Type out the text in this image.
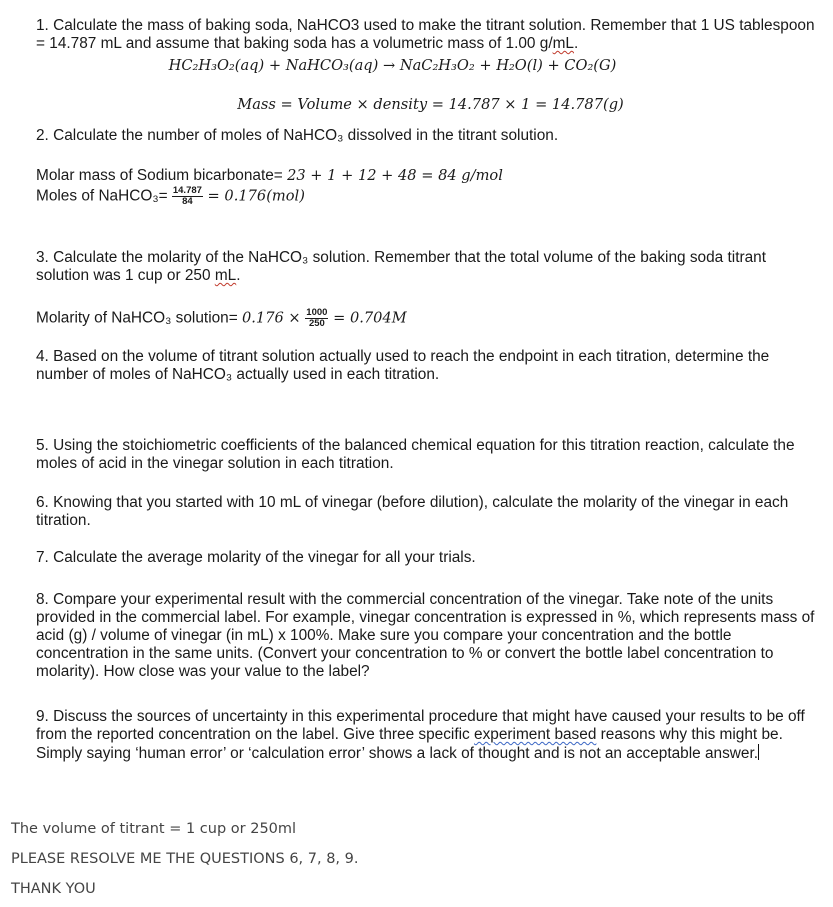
1. Calculate the mass of baking soda, NaHCO3 used to make the titrant solution. Remember that 1 US tablespoon = 14.787 mL and assume that baking soda has a volumetric mass of 1.00 g/mL.

HC₂H₃O₂(aq) + NaHCO₃(aq) → NaC₂H₃O₂ + H₂O(l) + CO₂(G)
Mass = Volume × density = 14.787 × 1 = 14.787(g)

2. Calculate the number of moles of NaHCO₃ dissolved in the titrant solution.

Molar mass of Sodium bicarbonate= 23 + 1 + 12 + 48 = 84 g/mol
Moles of NaHCO₃= $\frac{14.787}{84} = 0.176(mol)$

3. Calculate the molarity of the NaHCO₃ solution. Remember that the total volume of the baking soda titrant solution was 1 cup or 250 mL.

Molarity of NaHCO₃ solution= $0.176 \times \frac{1000}{250} = 0.704M$

4. Based on the volume of titrant solution actually used to reach the endpoint in each titration, determine the number of moles of NaHCO₃ actually used in each titration.

5. Using the stoichiometric coefficients of the balanced chemical equation for this titration reaction, calculate the moles of acid in the vinegar solution in each titration.

6. Knowing that you started with 10 mL of vinegar (before dilution), calculate the molarity of the vinegar in each titration.

7. Calculate the average molarity of the vinegar for all your trials.

8. Compare your experimental result with the commercial concentration of the vinegar. Take note of the units provided in the commercial label. For example, vinegar concentration is expressed in %, which represents mass of acid (g) / volume of vinegar (in mL) x 100%. Make sure you compare your concentration and the bottle concentration in the same units. (Convert your concentration to % or convert the bottle label concentration to molarity). How close was your value to the label?

9. Discuss the sources of uncertainty in this experimental procedure that might have caused your results to be off from the reported concentration on the label. Give three specific experiment based reasons why this might be. Simply saying ‘human error’ or ‘calculation error’ shows a lack of thought and is not an acceptable answer.

The volume of titrant = 1 cup or 250ml
PLEASE RESOLVE ME THE QUESTIONS 6, 7, 8, 9.
THANK YOU
